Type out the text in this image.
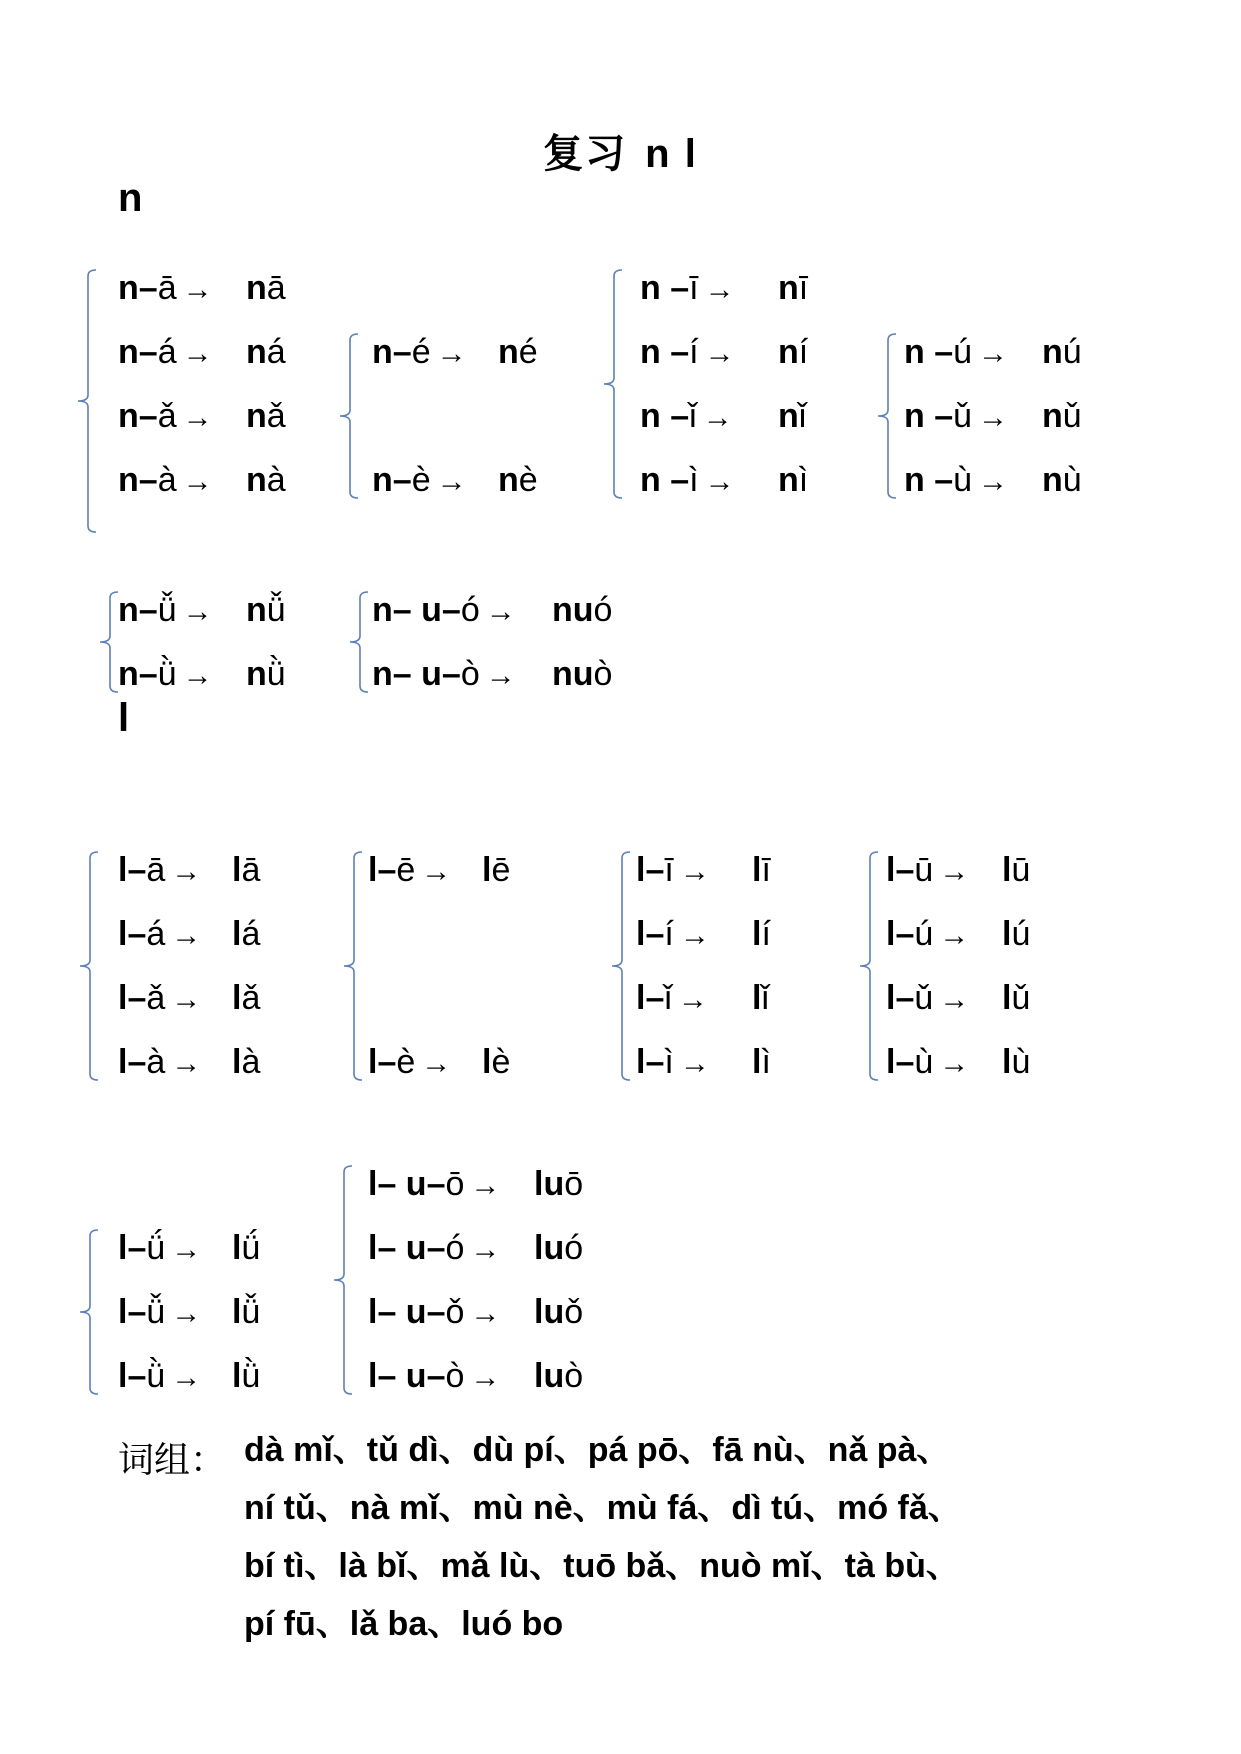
复习 n l
n
l
n–ā → nā
n–á → ná
n–ǎ → nǎ
n–à → nà
n–é → né
n–è → nè
n –ī → nī
n –í → ní
n –ǐ → nǐ
n –ì → nì
n –ú → nú
n –ǔ → nǔ
n –ù → nù
n–ǚ → nǚ
n–ǜ → nǜ
n– u–ó → nuó
n– u–ò → nuò
l–ā → lā
l–á → lá
l–ǎ → lǎ
l–à → là
l–ē → lē
l–è → lè
l–ī → lī
l–í → lí
l–ǐ → lǐ
l–ì → lì
l–ū → lū
l–ú → lú
l–ǔ → lǔ
l–ù → lù
l–ǘ → lǘ
l–ǚ → lǚ
l–ǜ → lǜ
l– u–ō → luō
l– u–ó → luó
l– u–ǒ → luǒ
l– u–ò → luò
词组： dà mǐ、tǔ dì、dù pí、pá pō、fā nù、nǎ pà、
ní tǔ、nà mǐ、mù nè、mù fá、dì tú、mó fǎ、
bí tì、là bǐ、mǎ lù、tuō bǎ、nuò mǐ、tà bù、
pí fū、lǎ ba、luó bo
